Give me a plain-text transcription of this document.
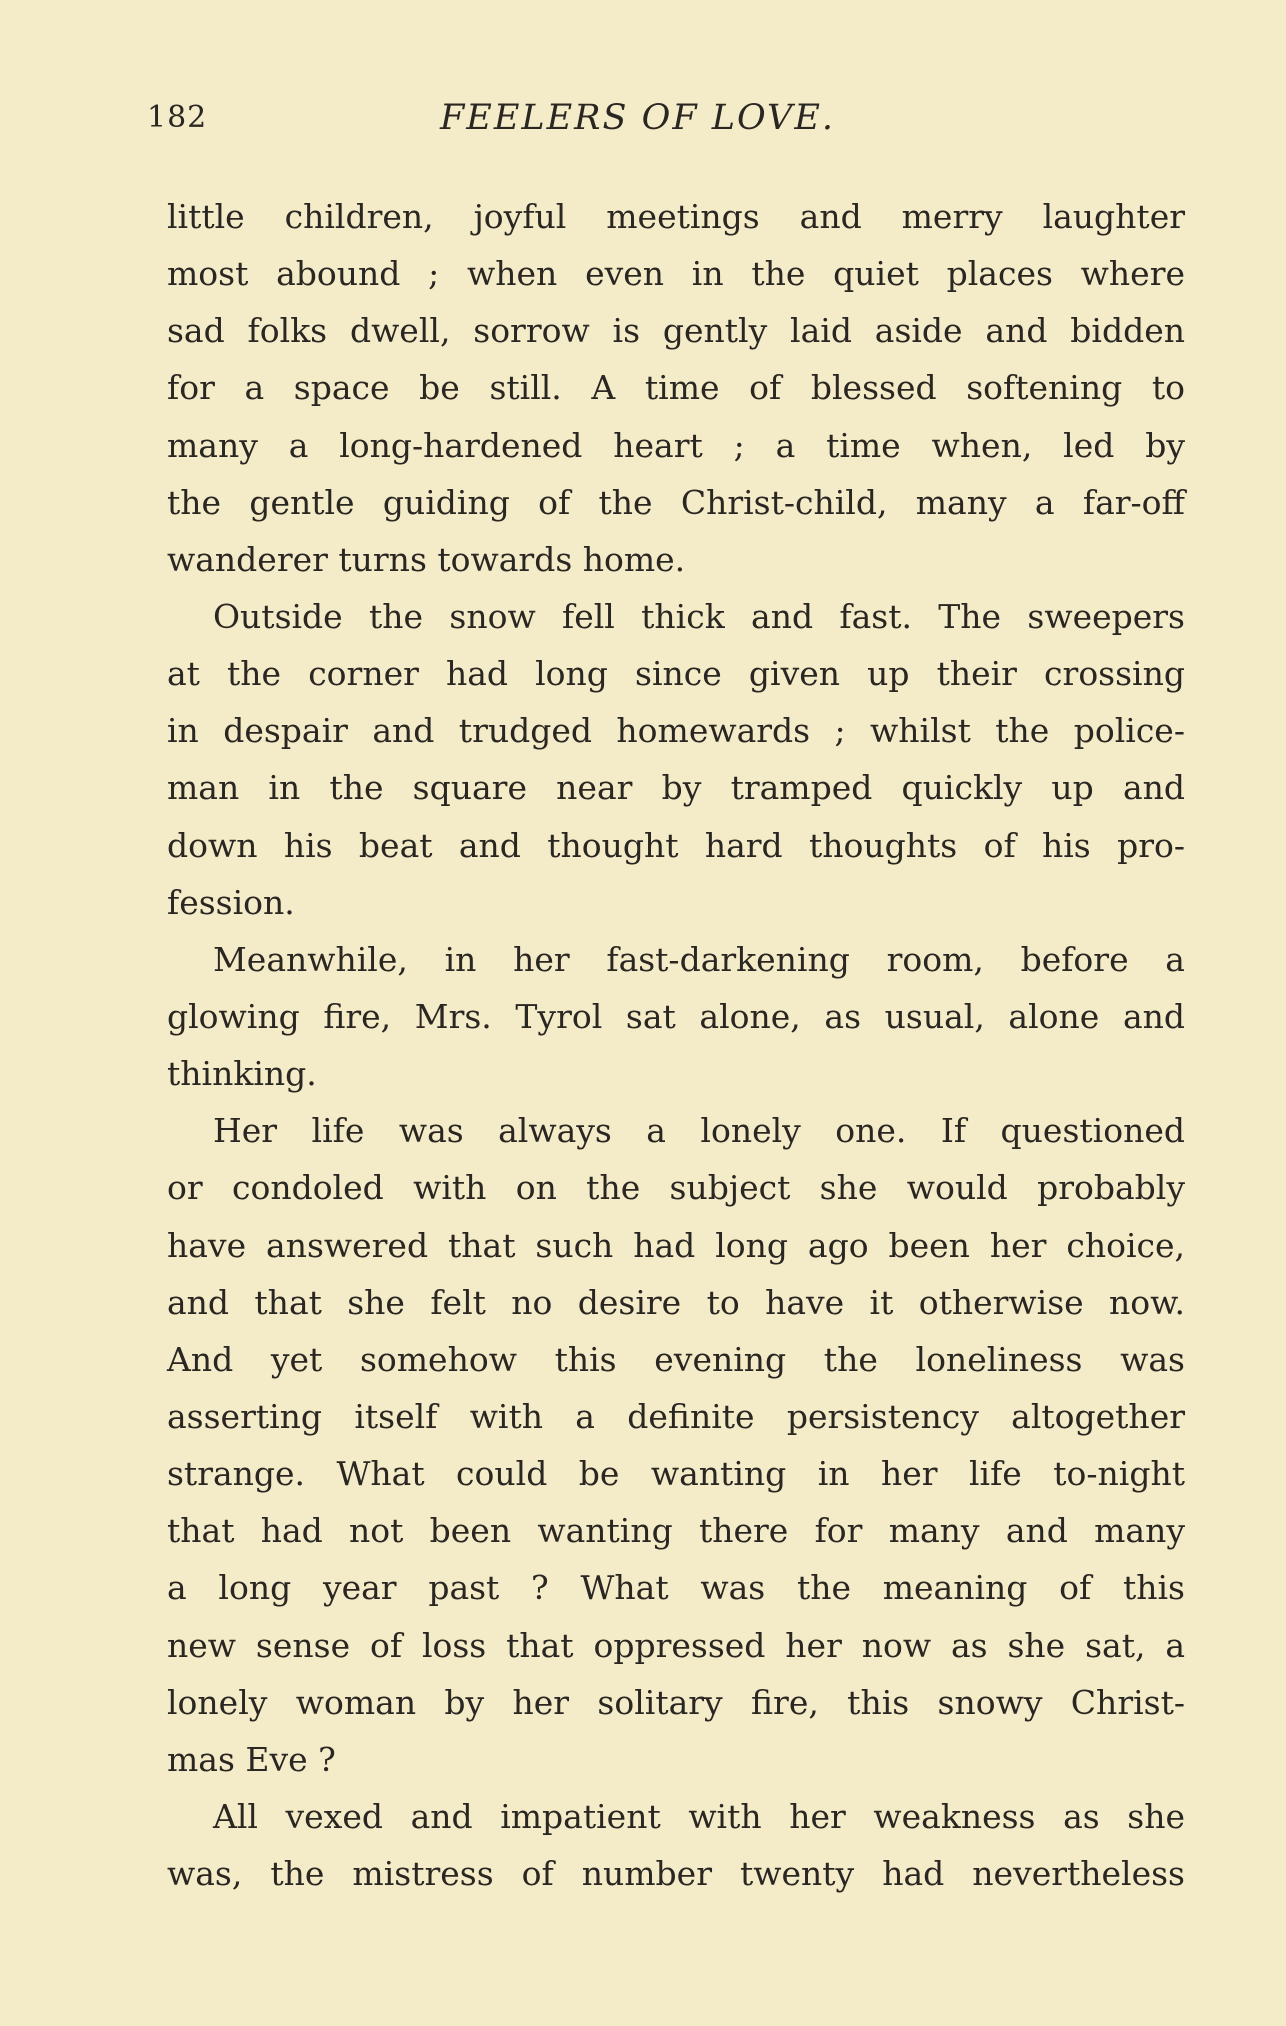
182	FEELERS OF LOVE.
little children, joyful meetings and merry laughter
most abound ; when even in the quiet places where
sad folks dwell, sorrow is gently laid aside and bidden
for a space be still. A time of blessed softening to
many a long-hardened heart ; a time when, led by
the gentle guiding of the Christ-child, many a far-off
wanderer turns towards home.
Outside the snow fell thick and fast. The sweepers
at the corner had long since given up their crossing
in despair and trudged homewards ; whilst the police-
man in the square near by tramped quickly up and
down his beat and thought hard thoughts of his pro-
fession.
Meanwhile, in her fast-darkening room, before a
glowing fire, Mrs. Tyrol sat alone, as usual, alone and
thinking.
Her life was always a lonely one. If questioned
or condoled with on the subject she would probably
have answered that such had long ago been her choice,
and that she felt no desire to have it otherwise now.
And yet somehow this evening the loneliness was
asserting itself with a definite persistency altogether
strange. What could be wanting in her life to-night
that had not been wanting there for many and many
a long year past ? What was the meaning of this
new sense of loss that oppressed her now as she sat, a
lonely woman by her solitary fire, this snowy Christ-
mas Eve ?
All vexed and impatient with her weakness as she
was, the mistress of number twenty had nevertheless
